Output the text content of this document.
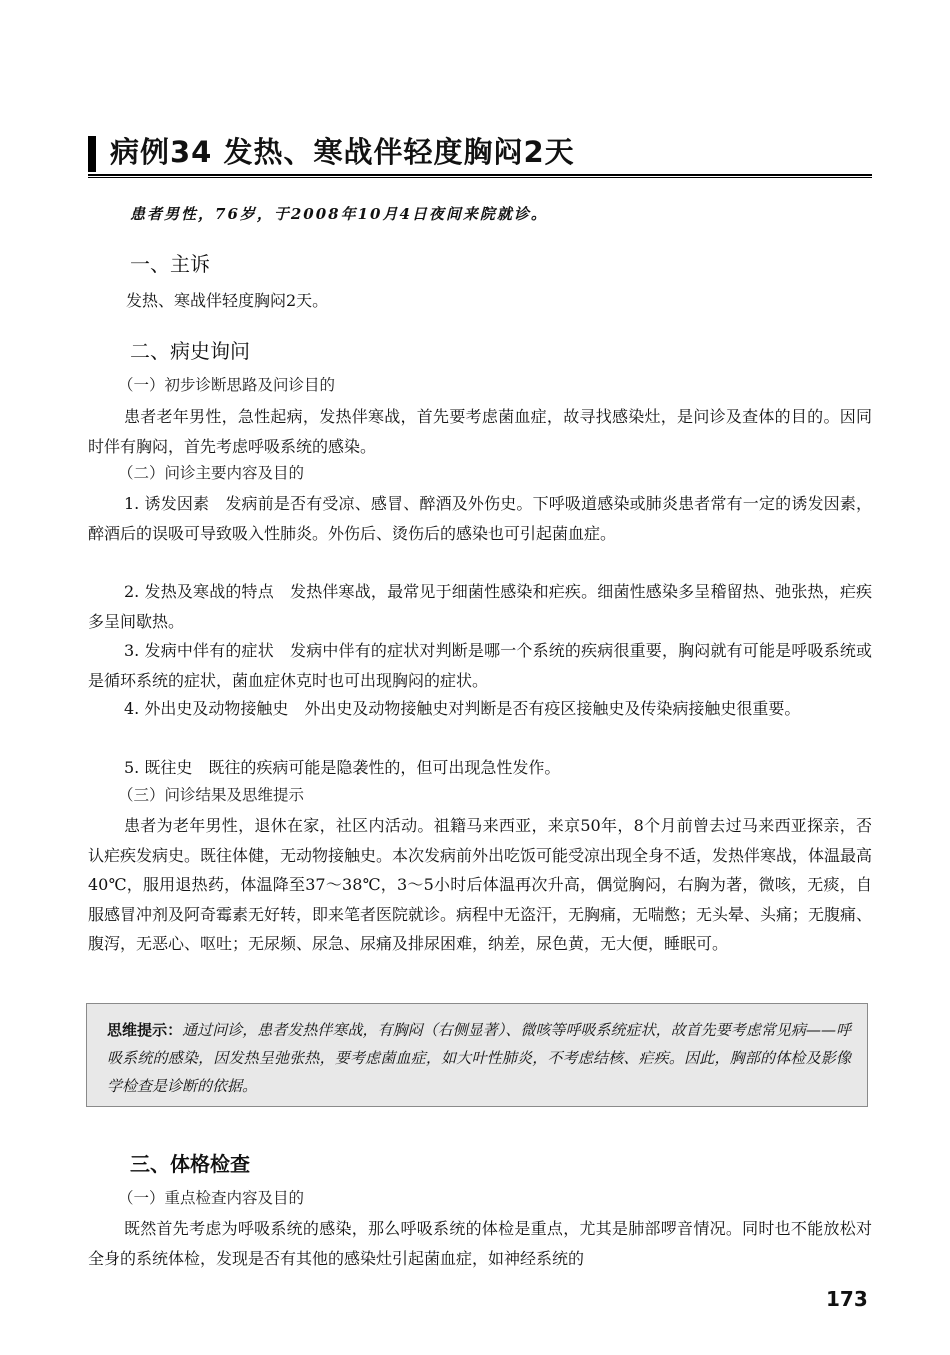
病例34 发热、寒战伴轻度胸闷2天
患者男性，76岁，于2008年10月4日夜间来院就诊。
一、主诉

发热、寒战伴轻度胸闷2天。

二、病史询问
（一）初步诊断思路及问诊目的

患者老年男性，急性起病，发热伴寒战，首先要考虑菌血症，故寻找感染灶，是问诊及查体的目的。因同时伴有胸闷，首先考虑呼吸系统的感染。

（二）问诊主要内容及目的

1. 诱发因素　发病前是否有受凉、感冒、醉酒及外伤史。下呼吸道感染或肺炎患者常有一定的诱发因素，醉酒后的误吸可导致吸入性肺炎。外伤后、烫伤后的感染也可引起菌血症。

2. 发热及寒战的特点　发热伴寒战，最常见于细菌性感染和疟疾。细菌性感染多呈稽留热、弛张热，疟疾多呈间歇热。

3. 发病中伴有的症状　发病中伴有的症状对判断是哪一个系统的疾病很重要，胸闷就有可能是呼吸系统或是循环系统的症状，菌血症休克时也可出现胸闷的症状。

4. 外出史及动物接触史　外出史及动物接触史对判断是否有疫区接触史及传染病接触史很重要。

5. 既往史　既往的疾病可能是隐袭性的，但可出现急性发作。

（三）问诊结果及思维提示

患者为老年男性，退休在家，社区内活动。祖籍马来西亚，来京50年，8个月前曾去过马来西亚探亲，否认疟疾发病史。既往体健，无动物接触史。本次发病前外出吃饭可能受凉出现全身不适，发热伴寒战，体温最高40℃，服用退热药，体温降至37～38℃，3～5小时后体温再次升高，偶觉胸闷，右胸为著，微咳，无痰，自服感冒冲剂及阿奇霉素无好转，即来笔者医院就诊。病程中无盗汗，无胸痛，无喘憋；无头晕、头痛；无腹痛、腹泻，无恶心、呕吐；无尿频、尿急、尿痛及排尿困难，纳差，尿色黄，无大便，睡眠可。

思维提示：通过问诊，患者发热伴寒战，有胸闷（右侧显著）、微咳等呼吸系统症状，故首先要考虑常见病——呼吸系统的感染，因发热呈弛张热，要考虑菌血症，如大叶性肺炎，不考虑结核、疟疾。因此，胸部的体检及影像学检查是诊断的依据。

三、体格检查
（一）重点检查内容及目的

既然首先考虑为呼吸系统的感染，那么呼吸系统的体检是重点，尤其是肺部啰音情况。同时也不能放松对全身的系统体检，发现是否有其他的感染灶引起菌血症，如神经系统的

173
